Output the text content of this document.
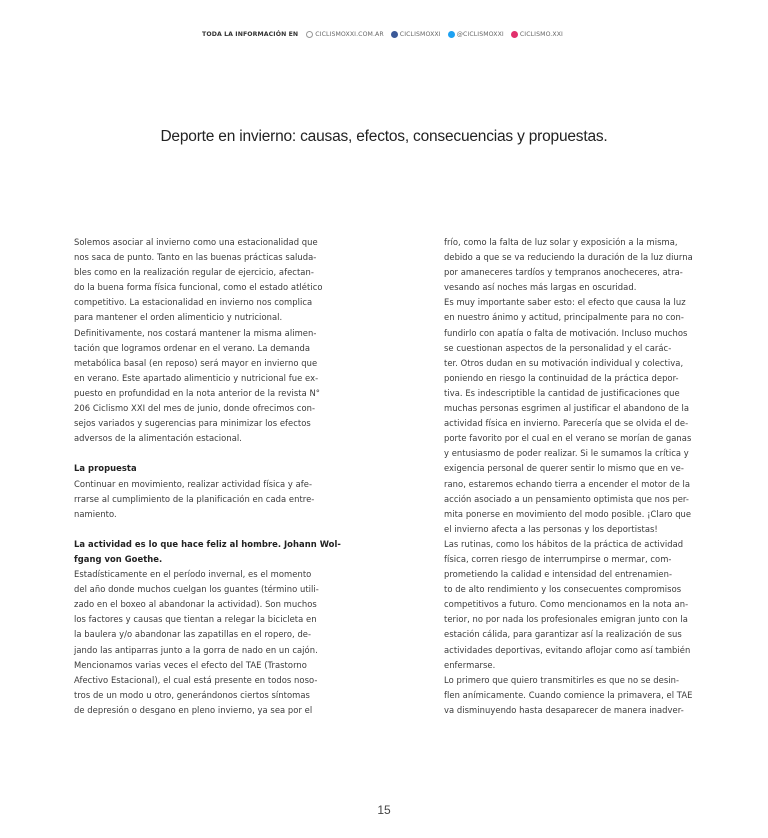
TODA LA INFORMACIÓN EN	CICLISMOXXI.COM.AR	CICLISMOXXI	@CICLISMOXXI	CICLISMO.XXI
Deporte en invierno: causas, efectos, consecuencias y propuestas.
Solemos asociar al invierno como una estacionalidad que
nos saca de punto. Tanto en las buenas prácticas saluda-
bles como en la realización regular de ejercicio, afectan-
do la buena forma física funcional, como el estado atlético
competitivo. La estacionalidad en invierno nos complica
para mantener el orden alimenticio y nutricional.
Definitivamente, nos costará mantener la misma alimen-
tación que logramos ordenar en el verano. La demanda
metabólica basal (en reposo) será mayor en invierno que
en verano. Este apartado alimenticio y nutricional fue ex-
puesto en profundidad en la nota anterior de la revista N°
206 Ciclismo XXI del mes de junio, donde ofrecimos con-
sejos variados y sugerencias para minimizar los efectos
adversos de la alimentación estacional.
La propuesta
Continuar en movimiento, realizar actividad física y afe-
rrarse al cumplimiento de la planificación en cada entre-
namiento.
La actividad es lo que hace feliz al hombre. Johann Wol-
fgang von Goethe.
Estadísticamente en el período invernal, es el momento
del año donde muchos cuelgan los guantes (término utili-
zado en el boxeo al abandonar la actividad). Son muchos
los factores y causas que tientan a relegar la bicicleta en
la baulera y/o abandonar las zapatillas en el ropero, de-
jando las antiparras junto a la gorra de nado en un cajón.
Mencionamos varias veces el efecto del TAE (Trastorno
Afectivo Estacional), el cual está presente en todos noso-
tros de un modo u otro, generándonos ciertos síntomas
de depresión o desgano en pleno invierno, ya sea por el
frío, como la falta de luz solar y exposición a la misma,
debido a que se va reduciendo la duración de la luz diurna
por amaneceres tardíos y tempranos anocheceres, atra-
vesando así noches más largas en oscuridad.
Es muy importante saber esto: el efecto que causa la luz
en nuestro ánimo y actitud, principalmente para no con-
fundirlo con apatía o falta de motivación. Incluso muchos
se cuestionan aspectos de la personalidad y el carác-
ter. Otros dudan en su motivación individual y colectiva,
poniendo en riesgo la continuidad de la práctica depor-
tiva. Es indescriptible la cantidad de justificaciones que
muchas personas esgrimen al justificar el abandono de la
actividad física en invierno. Parecería que se olvida el de-
porte favorito por el cual en el verano se morían de ganas
y entusiasmo de poder realizar. Si le sumamos la crítica y
exigencia personal de querer sentir lo mismo que en ve-
rano, estaremos echando tierra a encender el motor de la
acción asociado a un pensamiento optimista que nos per-
mita ponerse en movimiento del modo posible. ¡Claro que
el invierno afecta a las personas y los deportistas!
Las rutinas, como los hábitos de la práctica de actividad
física, corren riesgo de interrumpirse o mermar, com-
prometiendo la calidad e intensidad del entrenamien-
to de alto rendimiento y los consecuentes compromisos
competitivos a futuro. Como mencionamos en la nota an-
terior, no por nada los profesionales emigran junto con la
estación cálida, para garantizar así la realización de sus
actividades deportivas, evitando aflojar como así también
enfermarse.
Lo primero que quiero transmitirles es que no se desin-
flen anímicamente. Cuando comience la primavera, el TAE
va disminuyendo hasta desaparecer de manera inadver-
15
